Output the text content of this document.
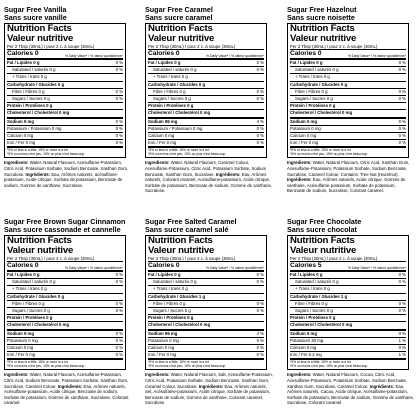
Sugar Free Vanilla
Sans sucre vanille
Nutrition Facts
Valeur nutritive
Per 2 Tbsp (30mL) / pour 2 c. à soupe (30mL)
Calories 0	% Daily Value* / % valeur quotidienne*
Fat / Lipides 0 g	0 %
Saturated / saturés 0 g	0 %
+ Trans / trans 0 g
Carbohydrate / Glucides 0 g
Fibre / Fibres 0 g	0 %
Sugars / Sucres 0 g	0 %
Protein / Protéines 0 g
Cholesterol / Cholestérol 0 mg
Sodium 5 mg	0 %
Potassium / Potassium 0 mg	0 %
Calcium 0 mg	0 %
Iron / Fer 0 mg	0 %
*5% or less is a little, 15% or more is a lot
*5% ou moins c'est peu, 15% ou plus c'est beaucoup
Ingredients: Water, Natural Flavours, Acesulfame-Potassium, Citric Acid, Potassium Sorbate, Sodium Benzoate, Xanthan Gum, Sucralose. Ingrédients: Eau, Arômes naturels, acésulfame-potassium, Acide citrique, Sorbate de potassium, Benzoate de sodium, Gomme de xanthane, Sucralose.
Sugar Free Caramel
Sans sucre caramel
Nutrition Facts
Valeur nutritive
Per 2 Tbsp (30mL) / pour 2 c. à soupe (30mL)
Calories 0	% Daily Value* / % valeur quotidienne*
Fat / Lipides 0 g	0 %
Saturated / saturés 0 g	0 %
+ Trans / trans 0 g
Carbohydrate / Glucides 0 g
Fibre / Fibres 0 g	0 %
Sugars / Sucres 0 g	0 %
Protein / Protéines 0 g
Cholesterol / Cholestérol 0 mg
Sodium 85 mg	4 %
Potassium / Potassium 0 mg	0 %
Calcium 0 mg	0 %
Iron / Fer 0 mg	0 %
*5% or less is a little, 15% or more is a lot
*5% ou moins c'est peu, 15% ou plus c'est beaucoup
Ingredients: Water, Natural Flavours, Caramel Colour, Acesulfame-Potassium, Citric Acid, Potassium Sorbate, Sodium Benzoate, Xanthan Gum, Sucralose. Ingrédients: Eau, Arômes naturels, Colorant caramel, Acésulfame-potassium, Acide citrique, Sorbate de potassium, Benzoate de sodium, Gomme de xanthane, Sucralose.
Sugar Free Hazelnut
Sans sucre noisette
Nutrition Facts
Valeur nutritive
Per 2 Tbsp (30mL) / pour 2 c. à soupe (30mL)
Calories 0	% Daily Value* / % valeur quotidienne*
Fat / Lipides 0 g	0 %
Saturated / saturés 0 g	0 %
+ Trans / trans 0 g
Carbohydrate / Glucides 0 g
Fibre / Fibres 0 g	0 %
Sugars / Sucres 0 g	0 %
Protein / Protéines 0 g
Cholesterol / Cholestérol 0 mg
Sodium 0 mg	0 %
Potassium 0 mg	0 %
Calcium 0 mg	0 %
Iron / Fer 0 mg	0 %
*5% or less is a little, 15% or more is a lot
*5% ou moins c'est peu, 15% ou plus c'est beaucoup
Ingredients: Water, Natural Flavours, Citric Acid, Xanthan Gum, Acesulfame-Potassium, Potassium Sorbate, Sodium Benzoate, Sucralose, Caramel Colour. Contains: Tree Nut (Hazelnut). Ingrédients: Eau, Arômes naturels, Acide citrique, Gomme de xanthane, Acésulfame-potassium, Sorbate de potassium, Benzoate de sodium, Sucralose, Colorant caramel.
Sugar Free Brown Sugar Cinnamon
Sans sucre cassonade et cannelle
Nutrition Facts
Valeur nutritive
Per 2 Tbsp (30mL) / pour 2 c. à soupe (30mL)
Calories 0	% Daily Value* / % valeur quotidienne*
Fat / Lipides 0 g	0 %
Saturated / saturés 0 g	0 %
+ Trans / trans 0 g
Carbohydrate / Glucides 0 g
Fibre / Fibres 0 g	0 %
Sugars / Sucres 0 g	0 %
Protein / Protéines 0 g
Cholesterol / Cholestérol 0 mg
Sodium 5 mg	0 %
Potassium 0 mg	0 %
Calcium 0 mg	0 %
Iron / Fer 0 mg	0 %
*5% or less is a little, 15% or more is a lot
*5% ou moins c'est peu, 15% ou plus c'est beaucoup
Ingredients: Water, Natural Flavours, Acesulfame-Potassium, Citric Acid, Sodium Benzoate, Potassium Sorbate, Xanthan Gum, Sucralose, Caramel Colour. Ingrédients: Eau, Arômes naturels, Acésulfame-potassium, Acide citrique, Benzoate de sodium, Sorbate de potassium, Gomme de xanthane, Sucralose, Colorant caramel.
Sugar Free Salted Caramel
Sans sucre caramel salé
Nutrition Facts
Valeur nutritive
Per 2 Tbsp (30mL) / pour 2 c. à soupe (30mL)
Calories 0	% Daily Value* / % valeur quotidienne*
Fat / Lipides 0 g	0 %
Saturated / saturés 0 g	0 %
+ Trans / trans 0 g
Carbohydrate / Glucides 1 g
Fibre / Fibres 0 g	0 %
Sugars / Sucres 0 g	0 %
Protein / Protéines 0 g
Cholesterol / Cholestérol 0 mg
Sodium 95 mg	4 %
Potassium 0 mg	0 %
Calcium 0 mg	0 %
Iron / Fer 0 mg	0 %
*5% or less is a little, 15% or more is a lot
*5% ou moins c'est peu, 15% ou plus c'est beaucoup
Ingredients: Water, Natural Flavours, Salt, Acesulfame-Potassium, Citric Acid, Potassium Sorbate, Sodium Benzoate, Xanthan Gum, Caramel Colour, Sucralose. Ingrédients: Eau, Arômes naturels, Sel, Acésulfame-potassium, Acide citrique, Sorbate de potassium, Benzoate de sodium, Gomme de xanthane, Colorant caramel, Sucralose.
Sugar Free Chocolate
Sans sucre chocolat
Nutrition Facts
Valeur nutritive
Per 2 Tbsp (30mL) / pour 2 c. à soupe (30mL)
Calories 5	% Daily Value* / % valeur quotidienne*
Fat / Lipides 0 g	0 %
Saturated / saturés 0 g	0 %
+ Trans / trans 0 g
Carbohydrate / Glucides 1 g
Fibre / Fibres 0 g	0 %
Sugars / Sucres 0 g	0 %
Protein / Protéines 0 g
Cholesterol / Cholestérol 0 mg
Sodium 5 mg	0 %
Potassium 30 mg	1 %
Calcium 0 mg	0 %
Iron / Fer 0.2 mg	1 %
*5% or less is a little, 15% or more is a lot
*5% ou moins c'est peu, 15% ou plus c'est beaucoup
Ingredients: Water, Natural Flavours, Cocoa, Citric Acid, Acesulfame-Potassium, Potassium Sorbate, Sodium Benzoate, Xanthan Gum, Sucralose, Caramel Colour. Ingrédients: Eau, Arômes naturels, Cacao, Acide citrique, Acésulfame-potassium, Sorbate de potassium, Benzoate de sodium, Gomme de xanthane, Sucralose, Colorant caramel.
